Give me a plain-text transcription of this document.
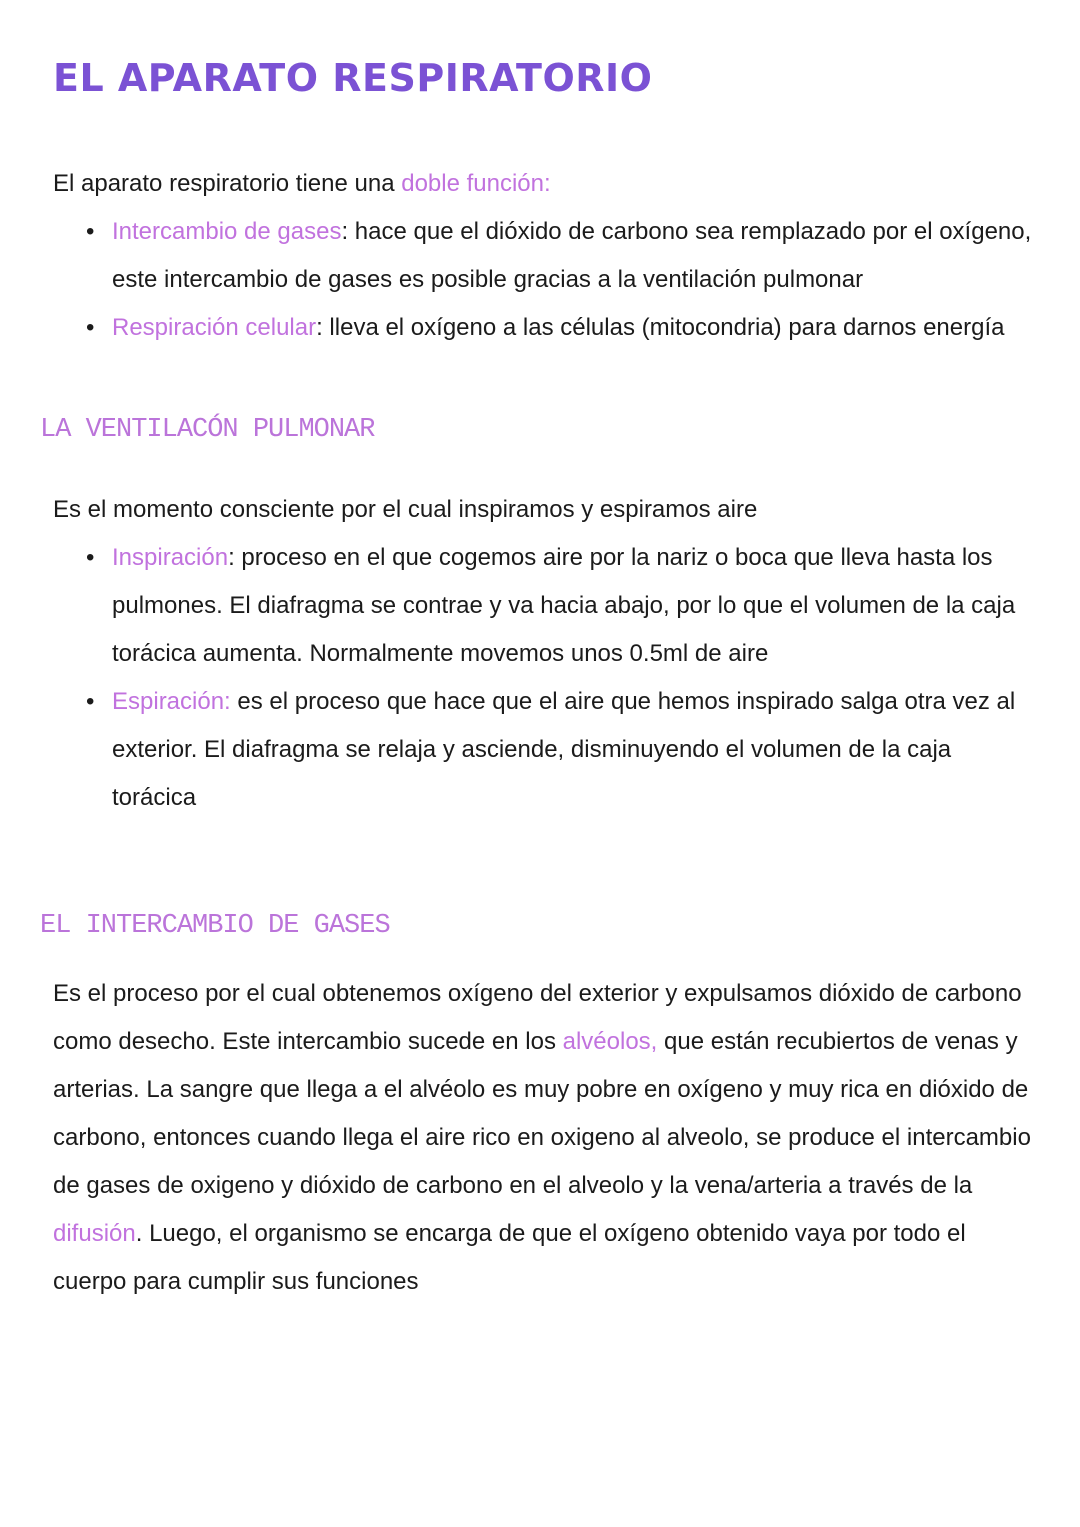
EL APARATO RESPIRATORIO

El aparato respiratorio tiene una doble función:

• Intercambio de gases: hace que el dióxido de carbono sea remplazado por el oxígeno, este intercambio de gases es posible gracias a la ventilación pulmonar

• Respiración celular: lleva el oxígeno a las células (mitocondria) para darnos energía

LA VENTILACÓN PULMONAR

Es el momento consciente por el cual inspiramos y espiramos aire

• Inspiración: proceso en el que cogemos aire por la nariz o boca que lleva hasta los pulmones. El diafragma se contrae y va hacia abajo, por lo que el volumen de la caja torácica aumenta. Normalmente movemos unos 0.5ml de aire

• Espiración: es el proceso que hace que el aire que hemos inspirado salga otra vez al exterior. El diafragma se relaja y asciende, disminuyendo el volumen de la caja torácica

EL INTERCAMBIO DE GASES

Es el proceso por el cual obtenemos oxígeno del exterior y expulsamos dióxido de carbono como desecho. Este intercambio sucede en los alvéolos, que están recubiertos de venas y arterias. La sangre que llega a el alvéolo es muy pobre en oxígeno y muy rica en dióxido de carbono, entonces cuando llega el aire rico en oxigeno al alveolo, se produce el intercambio de gases de oxigeno y dióxido de carbono en el alveolo y la vena/arteria a través de la difusión. Luego, el organismo se encarga de que el oxígeno obtenido vaya por todo el cuerpo para cumplir sus funciones
